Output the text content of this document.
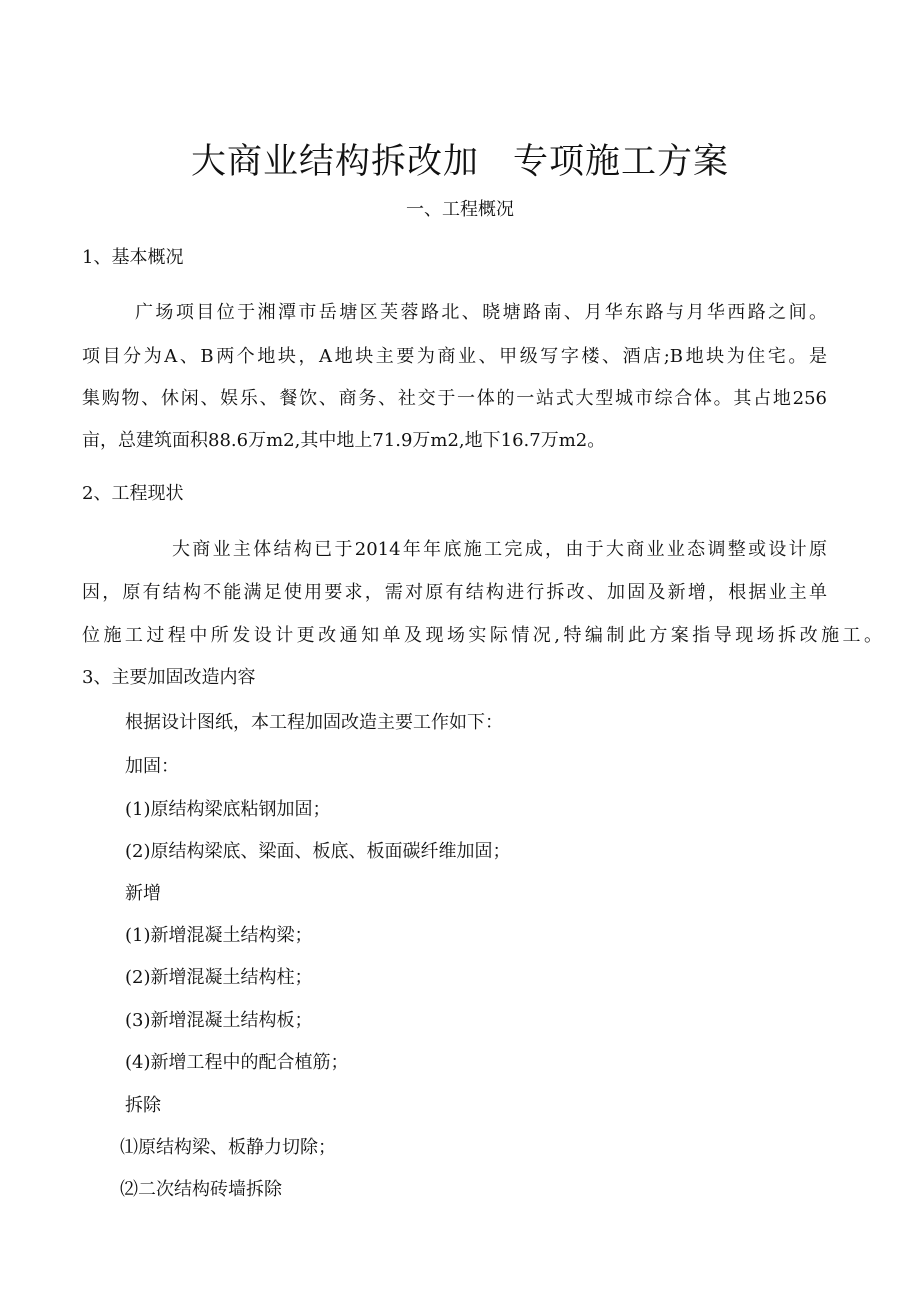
大商业结构拆改加 专项施工方案
一、工程概况
1、基本概况
广场项目位于湘潭市岳塘区芙蓉路北、晓塘路南、月华东路与月华西路之间。
项目分为A、B两个地块，A地块主要为商业、甲级写字楼、酒店;B地块为住宅。是
集购物、休闲、娱乐、餐饮、商务、社交于一体的一站式大型城市综合体。其占地256
亩，总建筑面积88.6万m2,其中地上71.9万m2,地下16.7万m2。
2、工程现状
大商业主体结构已于2014年年底施工完成，由于大商业业态调整或设计原
因，原有结构不能满足使用要求，需对原有结构进行拆改、加固及新增，根据业主单
位施工过程中所发设计更改通知单及现场实际情况,特编制此方案指导现场拆改施工。
3、主要加固改造内容
根据设计图纸，本工程加固改造主要工作如下：
加固：
(1)原结构梁底粘钢加固；
(2)原结构梁底、梁面、板底、板面碳纤维加固；
新增
(1)新增混凝土结构梁；
(2)新增混凝土结构柱；
(3)新增混凝土结构板；
(4)新增工程中的配合植筋；
拆除
⑴原结构梁、板静力切除；
⑵二次结构砖墙拆除
